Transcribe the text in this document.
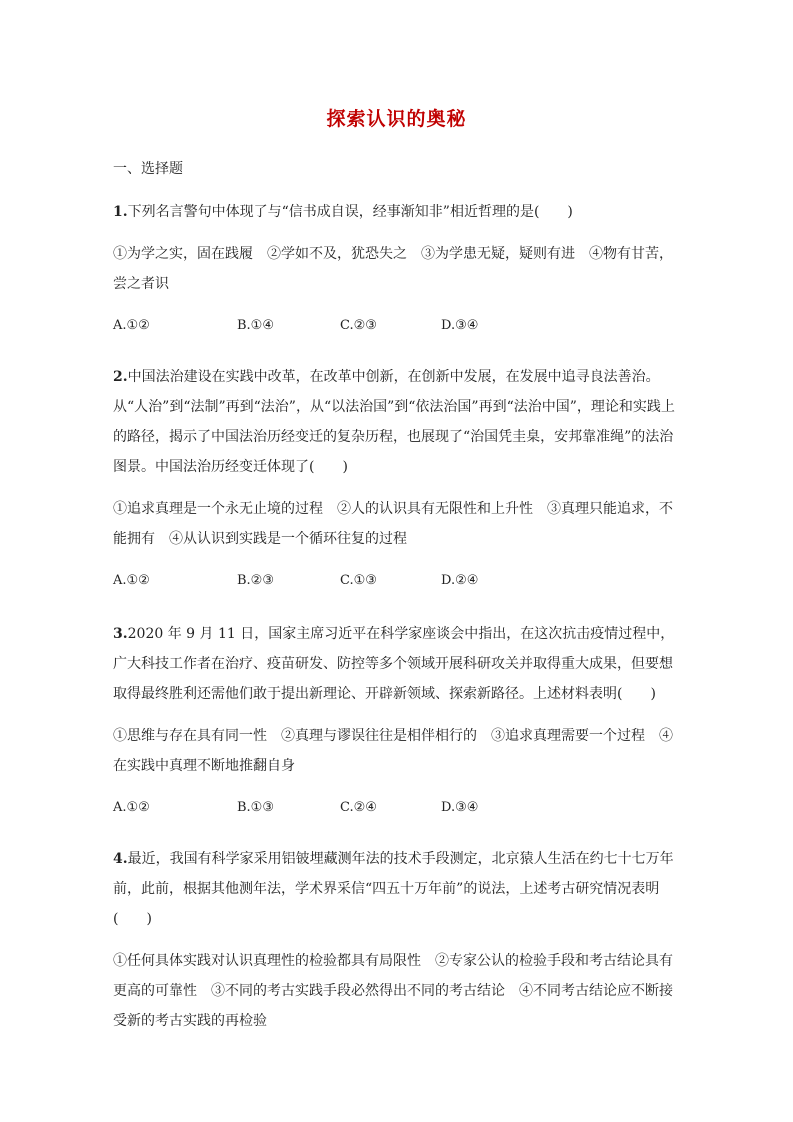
探索认识的奥秘
一、选择题
1.下列名言警句中体现了与“信书成自误，经事渐知非”相近哲理的是(　　)
①为学之实，固在践履　②学如不及，犹恐失之　③为学患无疑，疑则有进　④物有甘苦，尝之者识
A.①②	B.①④	C.②③	D.③④
2.中国法治建设在实践中改革，在改革中创新，在创新中发展，在发展中追寻良法善治。从“人治”到“法制”再到“法治”，从“以法治国”到“依法治国”再到“法治中国”，理论和实践上的路径，揭示了中国法治历经变迁的复杂历程，也展现了“治国凭圭臬，安邦靠准绳”的法治图景。中国法治历经变迁体现了(　　)
①追求真理是一个永无止境的过程　②人的认识具有无限性和上升性　③真理只能追求，不能拥有　④从认识到实践是一个循环往复的过程
A.①②	B.②③	C.①③	D.②④
3.2020 年 9 月 11 日，国家主席习近平在科学家座谈会中指出，在这次抗击疫情过程中，广大科技工作者在治疗、疫苗研发、防控等多个领域开展科研攻关并取得重大成果，但要想取得最终胜利还需他们敢于提出新理论、开辟新领域、探索新路径。上述材料表明(　　)
①思维与存在具有同一性　②真理与谬误往往是相伴相行的　③追求真理需要一个过程　④在实践中真理不断地推翻自身
A.①②	B.①③	C.②④	D.③④
4.最近，我国有科学家采用铝铍埋藏测年法的技术手段测定，北京猿人生活在约七十七万年前，此前，根据其他测年法，学术界采信“四五十万年前”的说法，上述考古研究情况表明(　　)
①任何具体实践对认识真理性的检验都具有局限性　②专家公认的检验手段和考古结论具有更高的可靠性　③不同的考古实践手段必然得出不同的考古结论　④不同考古结论应不断接受新的考古实践的再检验
